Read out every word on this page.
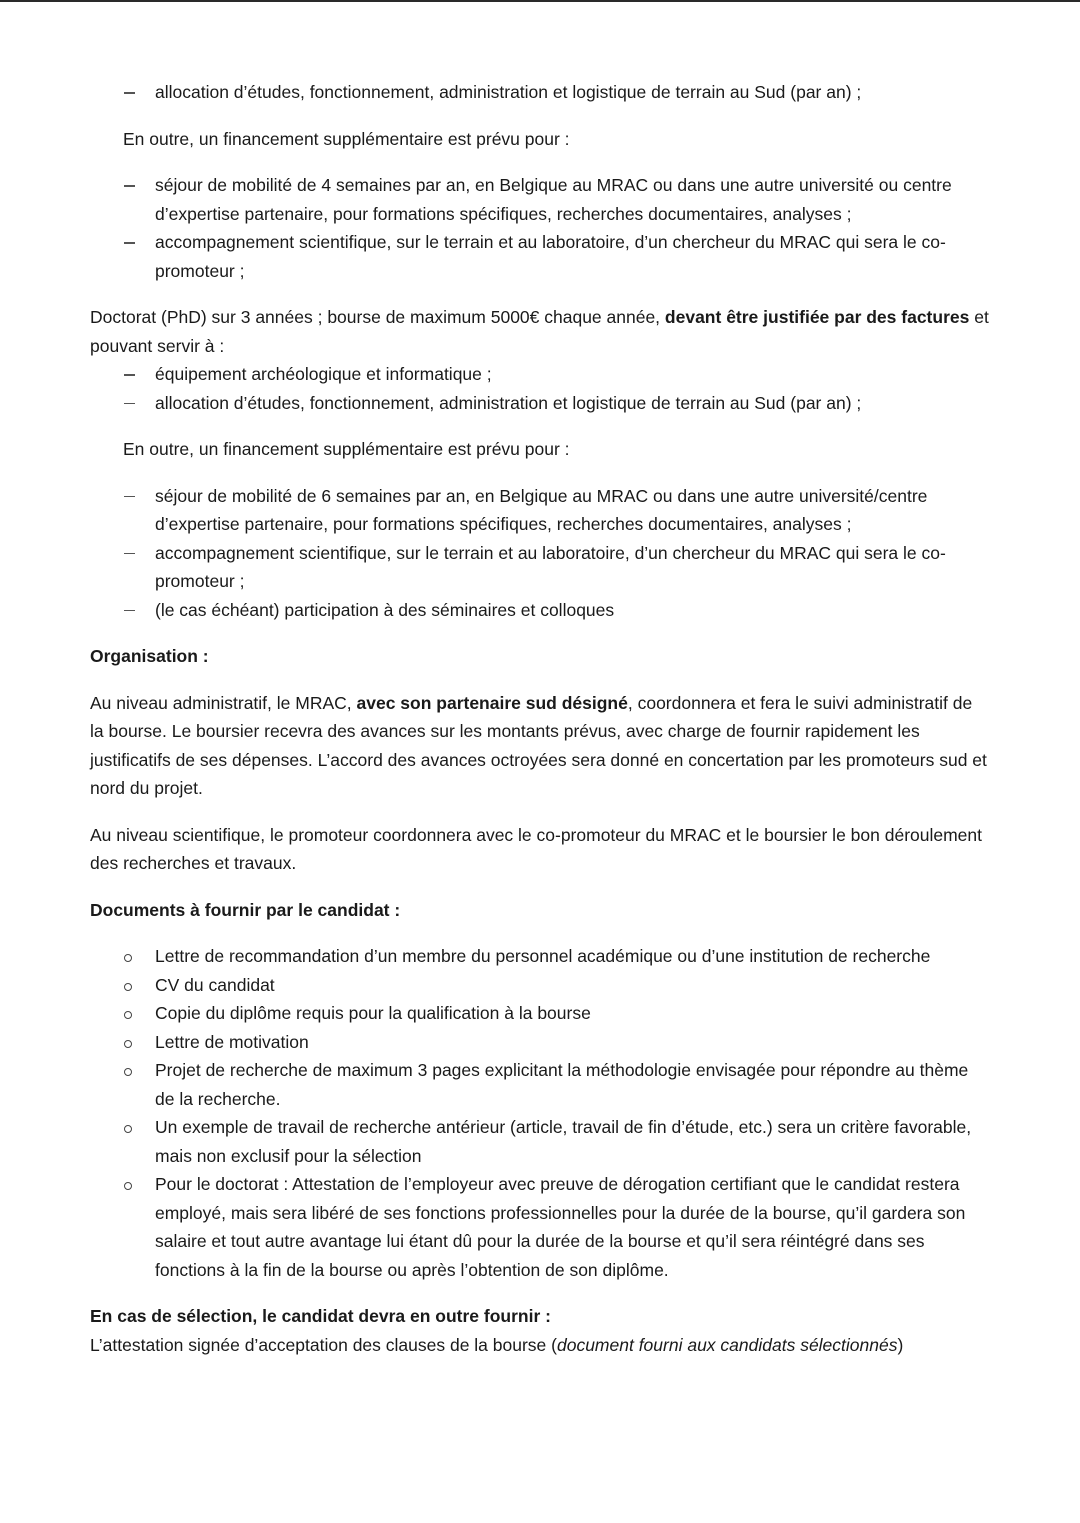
allocation d’études, fonctionnement, administration et logistique de terrain au Sud (par an) ;

En outre, un financement supplémentaire est prévu pour :

séjour de mobilité de 4 semaines par an, en Belgique au MRAC ou dans une autre université ou centre d’expertise partenaire, pour formations spécifiques, recherches documentaires, analyses ;
accompagnement scientifique, sur le terrain et au laboratoire, d’un chercheur du MRAC qui sera le co-promoteur ;

Doctorat (PhD) sur 3 années ; bourse de maximum 5000€ chaque année, devant être justifiée par des factures et pouvant servir à :

équipement archéologique et informatique ;
allocation d’études, fonctionnement, administration et logistique de terrain au Sud (par an) ;

En outre, un financement supplémentaire est prévu pour :

séjour de mobilité de 6 semaines par an, en Belgique au MRAC ou dans une autre université/centre d’expertise partenaire, pour formations spécifiques, recherches documentaires, analyses ;
accompagnement scientifique, sur le terrain et au laboratoire, d’un chercheur du MRAC qui sera le co-promoteur ;
(le cas échéant) participation à des séminaires et colloques

Organisation :

Au niveau administratif, le MRAC, avec son partenaire sud désigné, coordonnera et fera le suivi administratif de la bourse. Le boursier recevra des avances sur les montants prévus, avec charge de fournir rapidement les justificatifs de ses dépenses. L’accord des avances octroyées sera donné en concertation par les promoteurs sud et nord du projet.

Au niveau scientifique, le promoteur coordonnera avec le co-promoteur du MRAC et le boursier le bon déroulement des recherches et travaux.

Documents à fournir par le candidat :

Lettre de recommandation d’un membre du personnel académique ou d’une institution de recherche
CV du candidat
Copie du diplôme requis pour la qualification à la bourse
Lettre de motivation
Projet de recherche de maximum 3 pages explicitant la méthodologie envisagée pour répondre au thème de la recherche.
Un exemple de travail de recherche antérieur (article, travail de fin d’étude, etc.) sera un critère favorable, mais non exclusif pour la sélection
Pour le doctorat : Attestation de l’employeur avec preuve de dérogation certifiant que le candidat restera employé, mais sera libéré de ses fonctions professionnelles pour la durée de la bourse, qu’il gardera son salaire et tout autre avantage lui étant dû pour la durée de la bourse et qu’il sera réintégré dans ses fonctions à la fin de la bourse ou après l’obtention de son diplôme.

En cas de sélection, le candidat devra en outre fournir :

L’attestation signée d’acceptation des clauses de la bourse (document fourni aux candidats sélectionnés)
